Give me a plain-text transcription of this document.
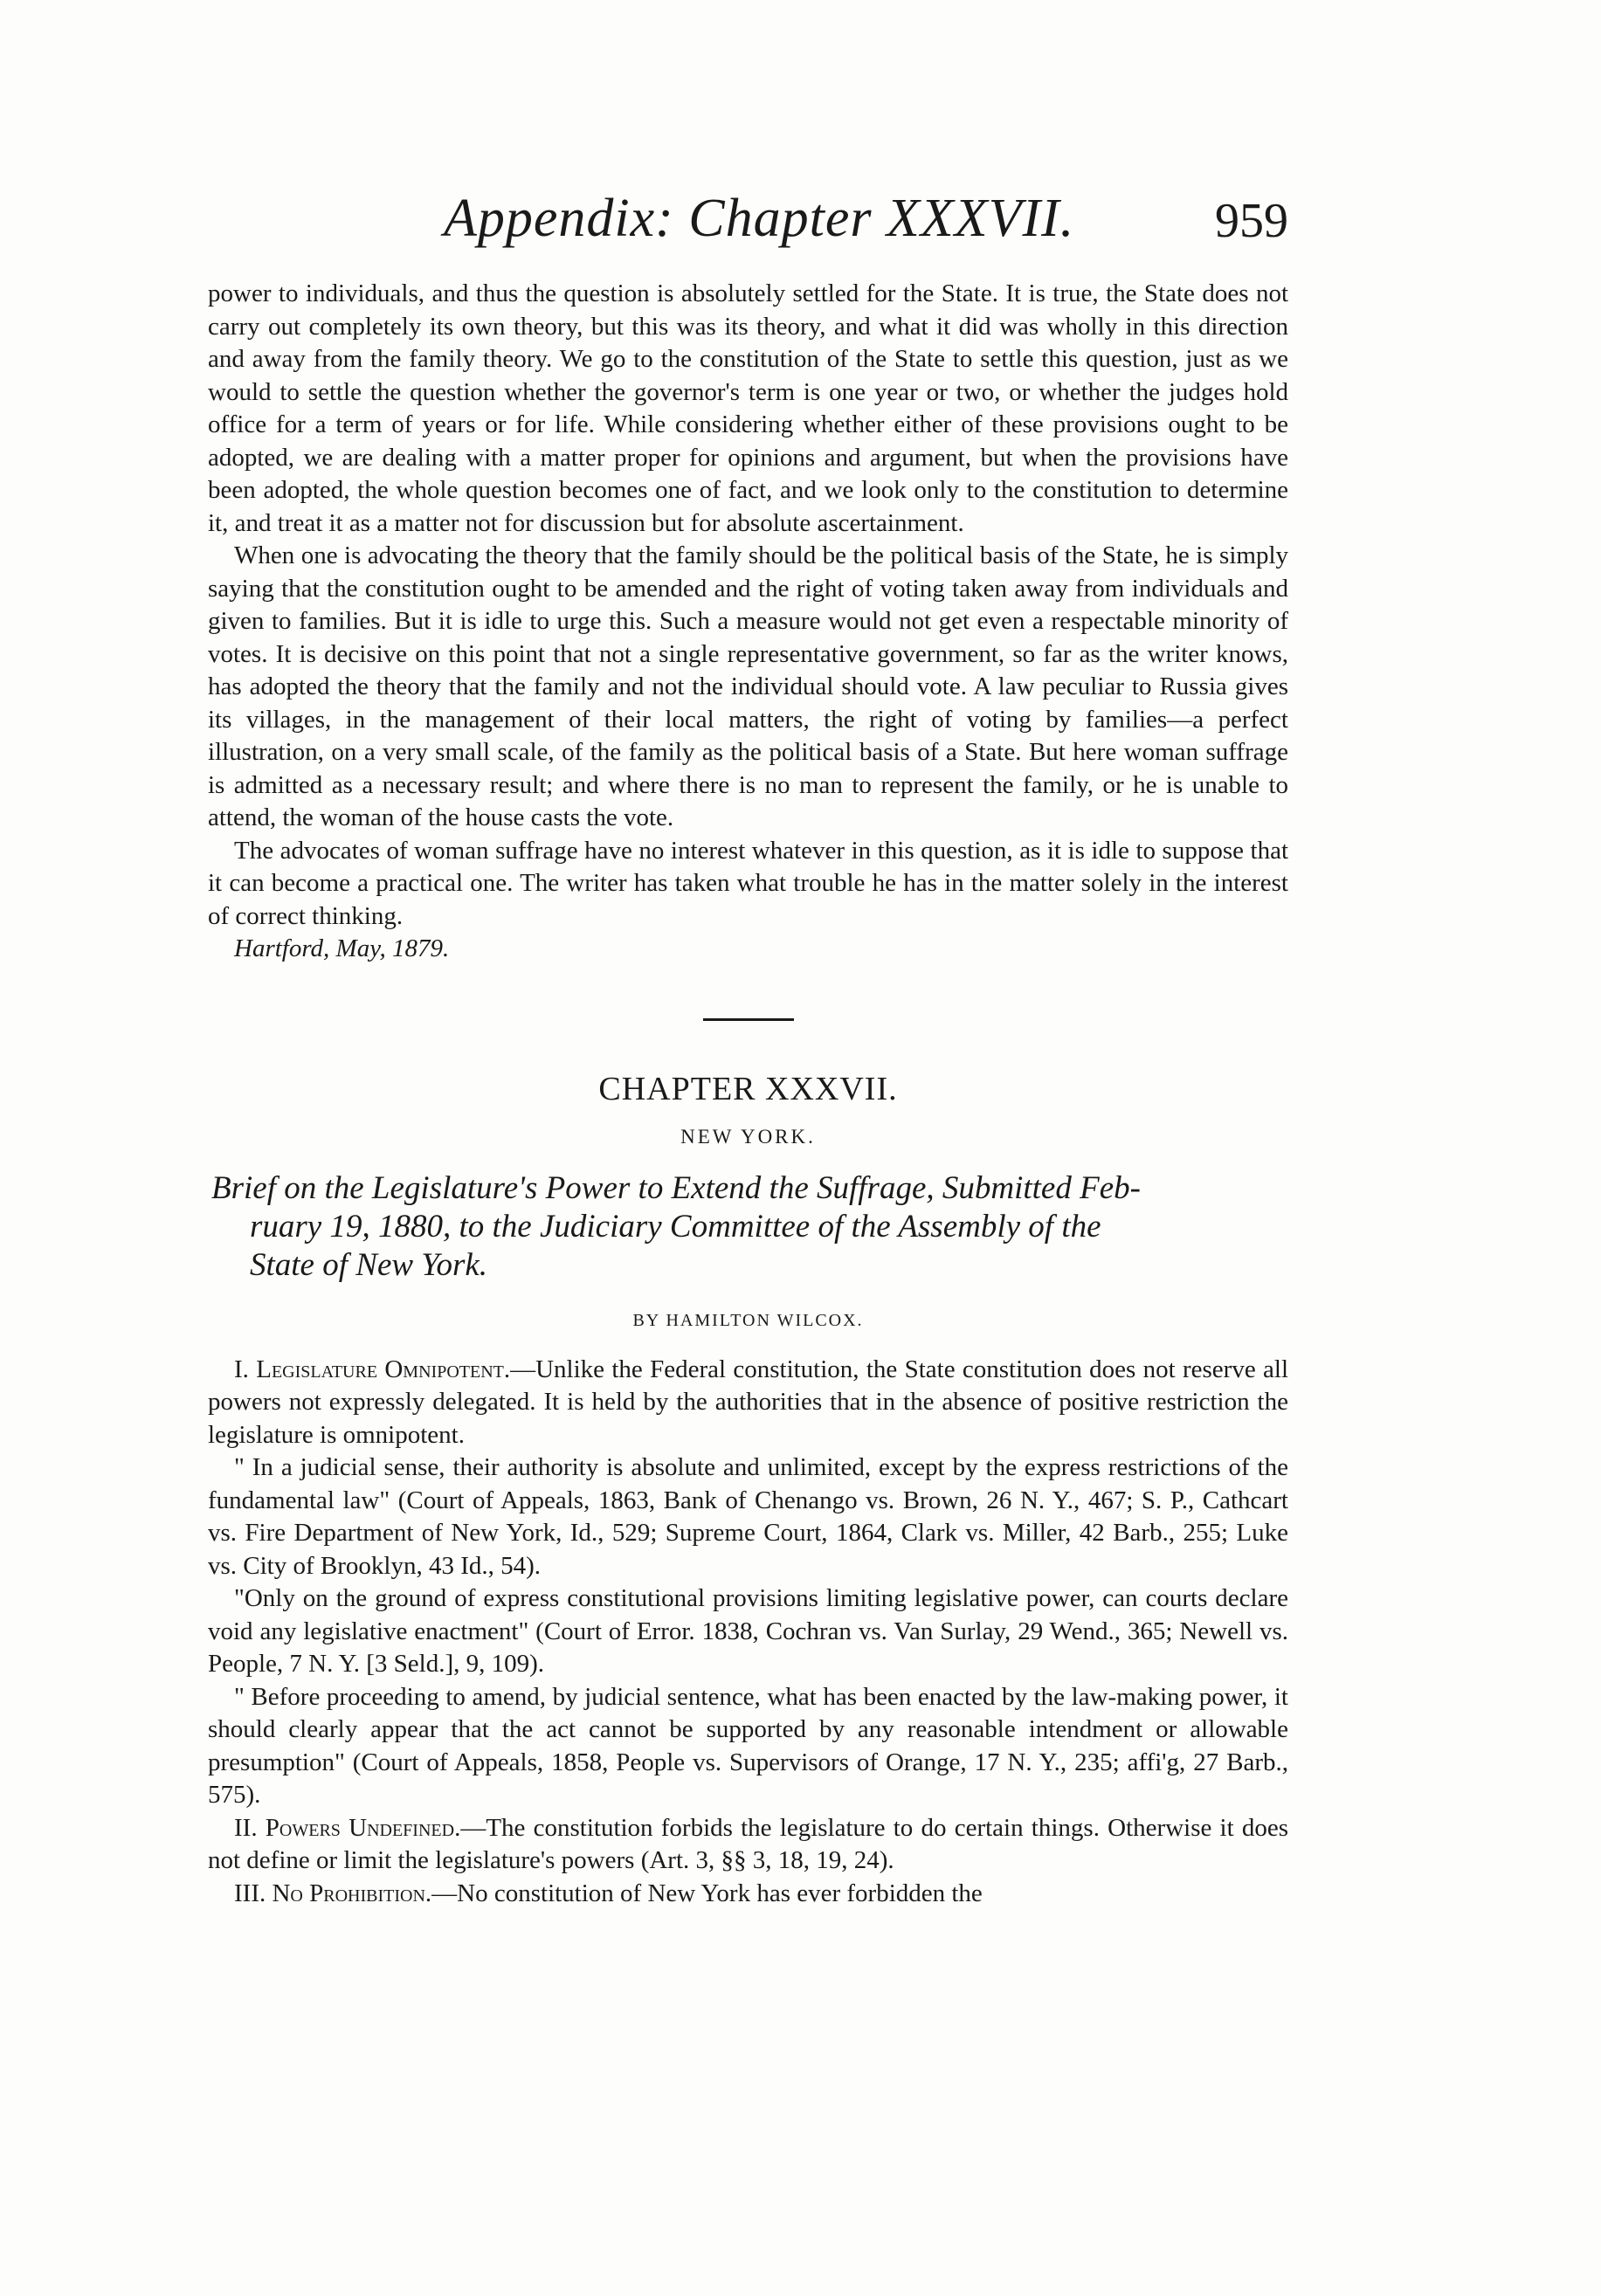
Appendix: Chapter XXXVII.	959

power to individuals, and thus the question is absolutely settled for the State. It is true, the State does not carry out completely its own theory, but this was its theory, and what it did was wholly in this direction and away from the family theory. We go to the constitution of the State to settle this question, just as we would to settle the question whether the governor's term is one year or two, or whether the judges hold office for a term of years or for life. While considering whether either of these provisions ought to be adopted, we are dealing with a matter proper for opinions and argument, but when the provisions have been adopted, the whole question becomes one of fact, and we look only to the constitution to determine it, and treat it as a matter not for discussion but for absolute ascertainment.

When one is advocating the theory that the family should be the political basis of the State, he is simply saying that the constitution ought to be amended and the right of voting taken away from individuals and given to families. But it is idle to urge this. Such a measure would not get even a respectable minority of votes. It is decisive on this point that not a single representative government, so far as the writer knows, has adopted the theory that the family and not the individual should vote. A law peculiar to Russia gives its villages, in the management of their local matters, the right of voting by families—a perfect illustration, on a very small scale, of the family as the political basis of a State. But here woman suffrage is admitted as a necessary result; and where there is no man to represent the family, or he is unable to attend, the woman of the house casts the vote.

The advocates of woman suffrage have no interest whatever in this question, as it is idle to suppose that it can become a practical one. The writer has taken what trouble he has in the matter solely in the interest of correct thinking.

Hartford, May, 1879.

CHAPTER XXXVII.
NEW YORK.
Brief on the Legislature's Power to Extend the Suffrage, Submitted Feb-
ruary 19, 1880, to the Judiciary Committee of the Assembly of the
State of New York.
BY HAMILTON WILCOX.

I. Legislature Omnipotent.—Unlike the Federal constitution, the State constitution does not reserve all powers not expressly delegated. It is held by the authorities that in the absence of positive restriction the legislature is omnipotent.

" In a judicial sense, their authority is absolute and unlimited, except by the express restrictions of the fundamental law" (Court of Appeals, 1863, Bank of Chenango vs. Brown, 26 N. Y., 467; S. P., Cathcart vs. Fire Department of New York, Id., 529; Supreme Court, 1864, Clark vs. Miller, 42 Barb., 255; Luke vs. City of Brooklyn, 43 Id., 54).

"Only on the ground of express constitutional provisions limiting legislative power, can courts declare void any legislative enactment" (Court of Error. 1838, Cochran vs. Van Surlay, 29 Wend., 365; Newell vs. People, 7 N. Y. [3 Seld.], 9, 109).

" Before proceeding to amend, by judicial sentence, what has been enacted by the law-making power, it should clearly appear that the act cannot be supported by any reasonable intendment or allowable presumption" (Court of Appeals, 1858, People vs. Supervisors of Orange, 17 N. Y., 235; affi'g, 27 Barb., 575).

II. Powers Undefined.—The constitution forbids the legislature to do certain things. Otherwise it does not define or limit the legislature's powers (Art. 3, §§ 3, 18, 19, 24).

III. No Prohibition.—No constitution of New York has ever forbidden the
